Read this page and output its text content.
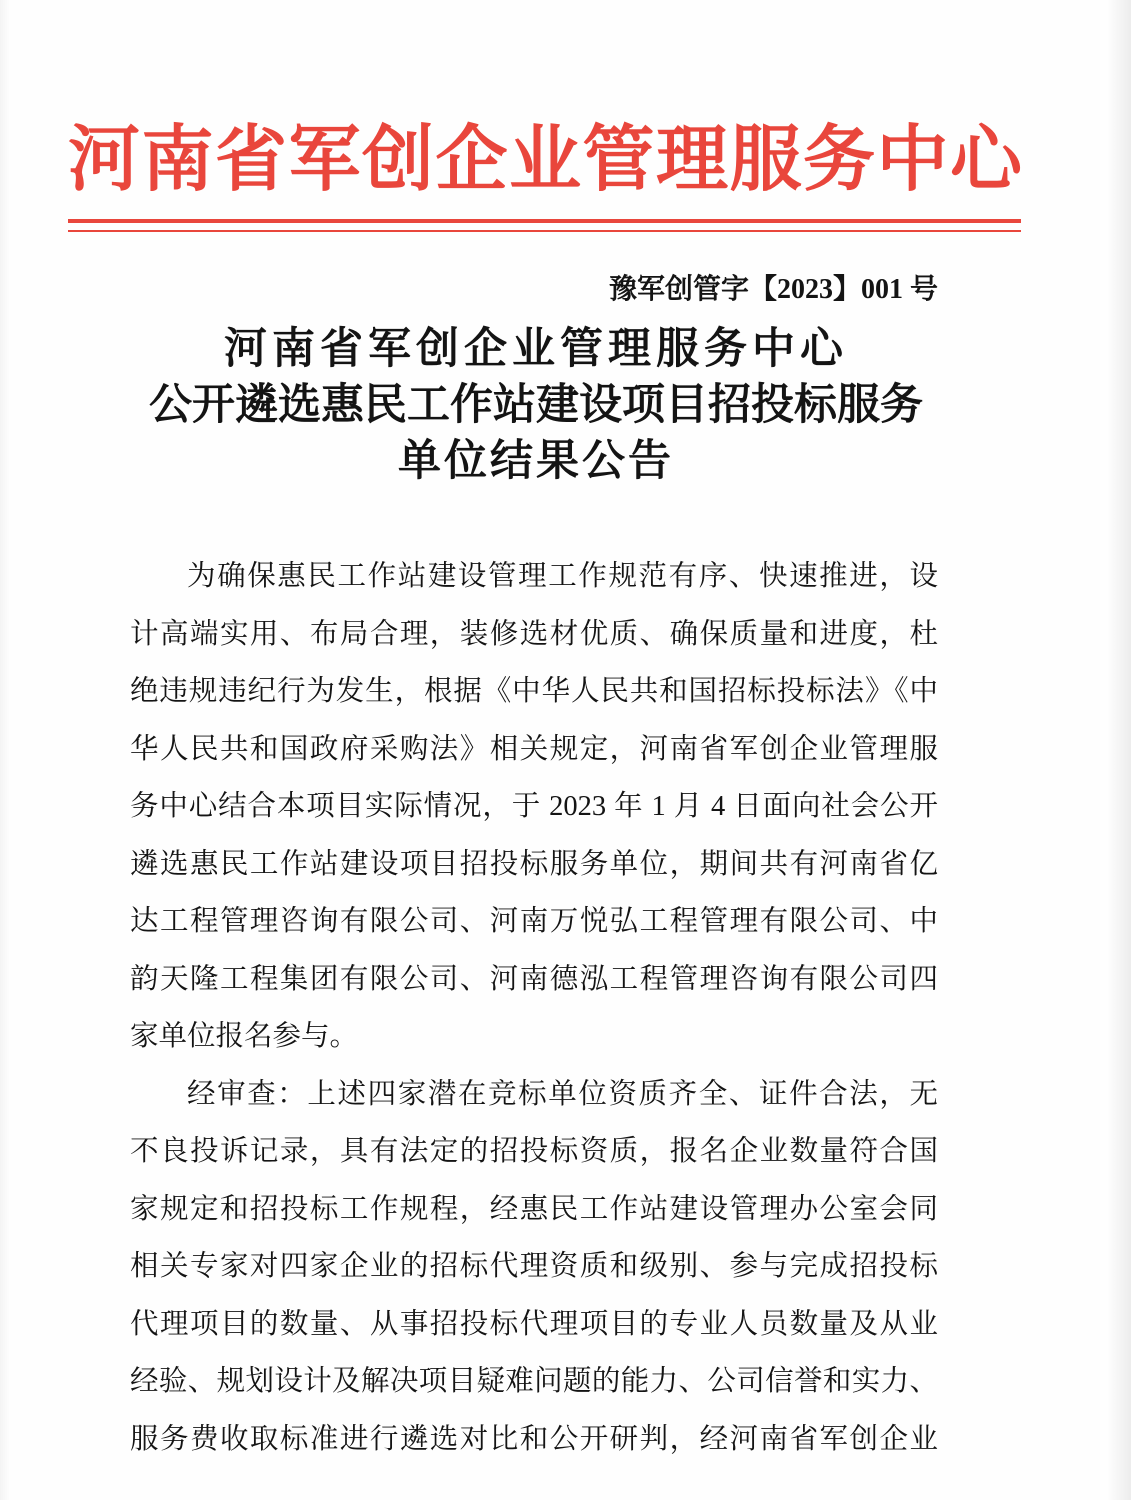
河南省军创企业管理服务中心
豫军创管字【2023】001 号
河南省军创企业管理服务中心
公开遴选惠民工作站建设项目招投标服务
单位结果公告
为确保惠民工作站建设管理工作规范有序、快速推进，设
计高端实用、布局合理，装修选材优质、确保质量和进度，杜
绝违规违纪行为发生，根据《中华人民共和国招标投标法》《中
华人民共和国政府采购法》相关规定，河南省军创企业管理服
务中心结合本项目实际情况，于 2023 年 1 月 4 日面向社会公开
遴选惠民工作站建设项目招投标服务单位，期间共有河南省亿
达工程管理咨询有限公司、河南万悦弘工程管理有限公司、中
韵天隆工程集团有限公司、河南德泓工程管理咨询有限公司四
家单位报名参与。
经审查：上述四家潜在竞标单位资质齐全、证件合法，无
不良投诉记录，具有法定的招投标资质，报名企业数量符合国
家规定和招投标工作规程，经惠民工作站建设管理办公室会同
相关专家对四家企业的招标代理资质和级别、参与完成招投标
代理项目的数量、从事招投标代理项目的专业人员数量及从业
经验、规划设计及解决项目疑难问题的能力、公司信誉和实力、
服务费收取标准进行遴选对比和公开研判，经河南省军创企业
